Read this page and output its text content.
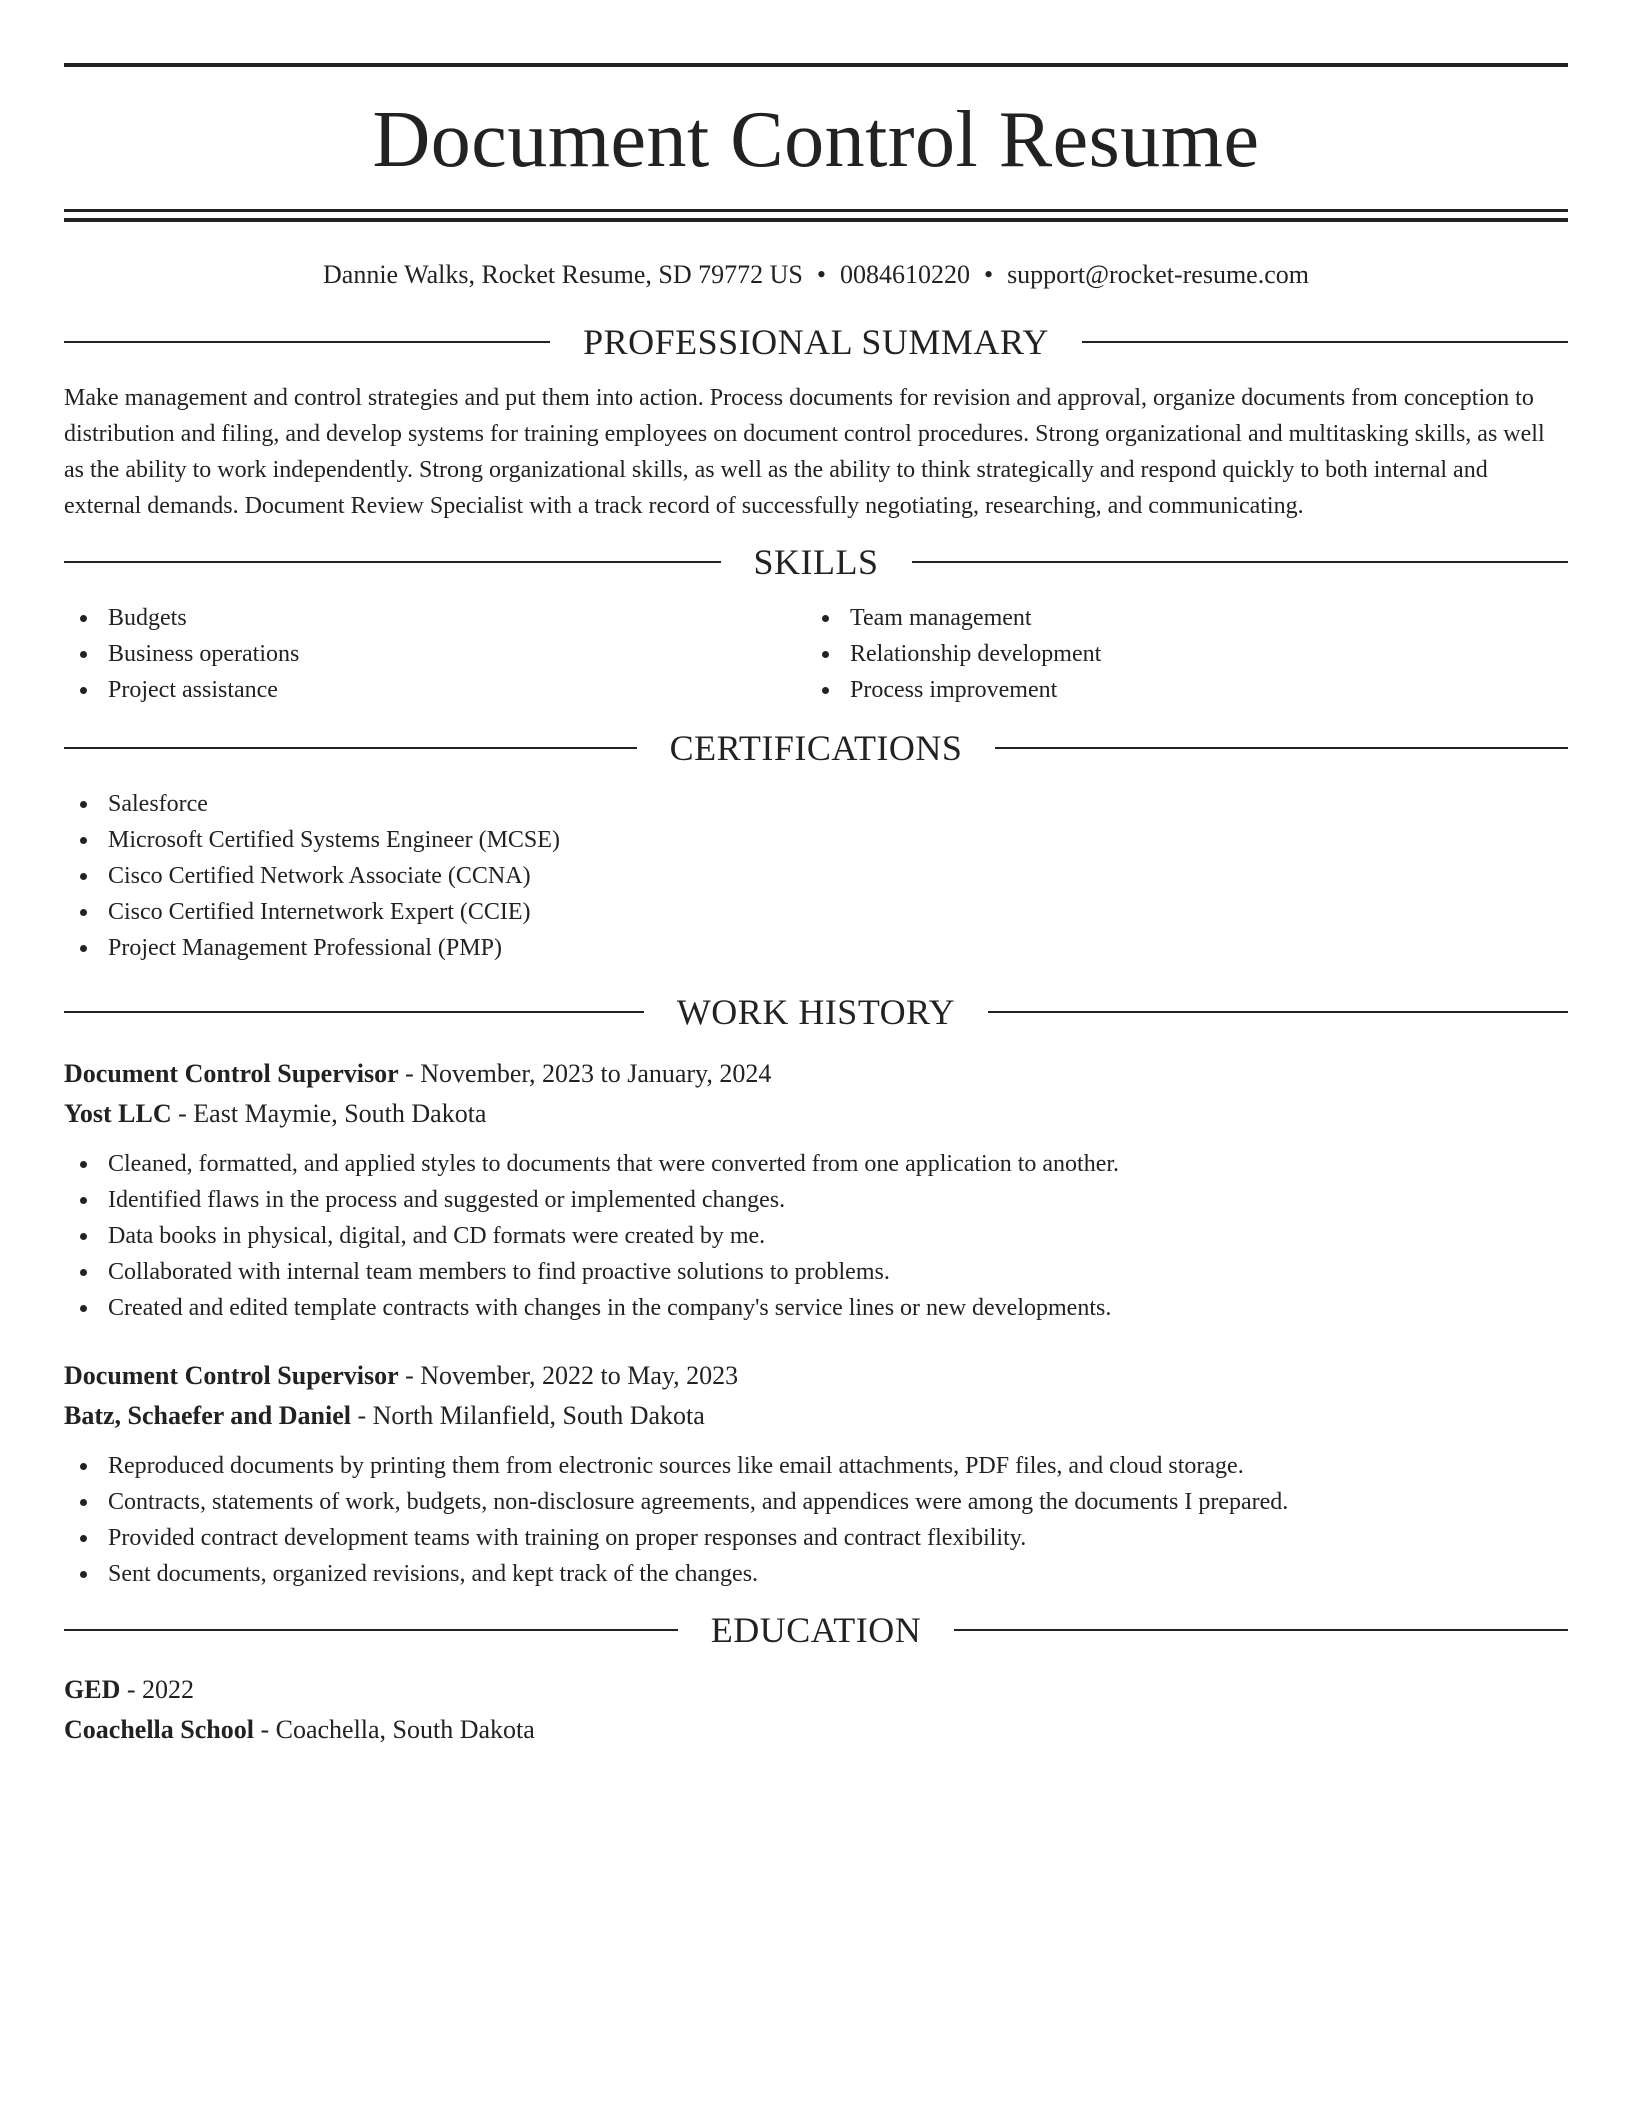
Document Control Resume
Dannie Walks, Rocket Resume, SD 79772 US • 0084610220 • support@rocket-resume.com
PROFESSIONAL SUMMARY

Make management and control strategies and put them into action. Process documents for revision and approval, organize documents from conception to distribution and filing, and develop systems for training employees on document control procedures. Strong organizational and multitasking skills, as well as the ability to work independently. Strong organizational skills, as well as the ability to think strategically and respond quickly to both internal and external demands. Document Review Specialist with a track record of successfully negotiating, researching, and communicating.

SKILLS
Budgets
Business operations
Project assistance
Team management
Relationship development
Process improvement
CERTIFICATIONS
Salesforce
Microsoft Certified Systems Engineer (MCSE)
Cisco Certified Network Associate (CCNA)
Cisco Certified Internetwork Expert (CCIE)
Project Management Professional (PMP)
WORK HISTORY
Document Control Supervisor - November, 2023 to January, 2024
Yost LLC - East Maymie, South Dakota
Cleaned, formatted, and applied styles to documents that were converted from one application to another.
Identified flaws in the process and suggested or implemented changes.
Data books in physical, digital, and CD formats were created by me.
Collaborated with internal team members to find proactive solutions to problems.
Created and edited template contracts with changes in the company's service lines or new developments.
Document Control Supervisor - November, 2022 to May, 2023
Batz, Schaefer and Daniel - North Milanfield, South Dakota
Reproduced documents by printing them from electronic sources like email attachments, PDF files, and cloud storage.
Contracts, statements of work, budgets, non-disclosure agreements, and appendices were among the documents I prepared.
Provided contract development teams with training on proper responses and contract flexibility.
Sent documents, organized revisions, and kept track of the changes.
EDUCATION
GED - 2022
Coachella School - Coachella, South Dakota
